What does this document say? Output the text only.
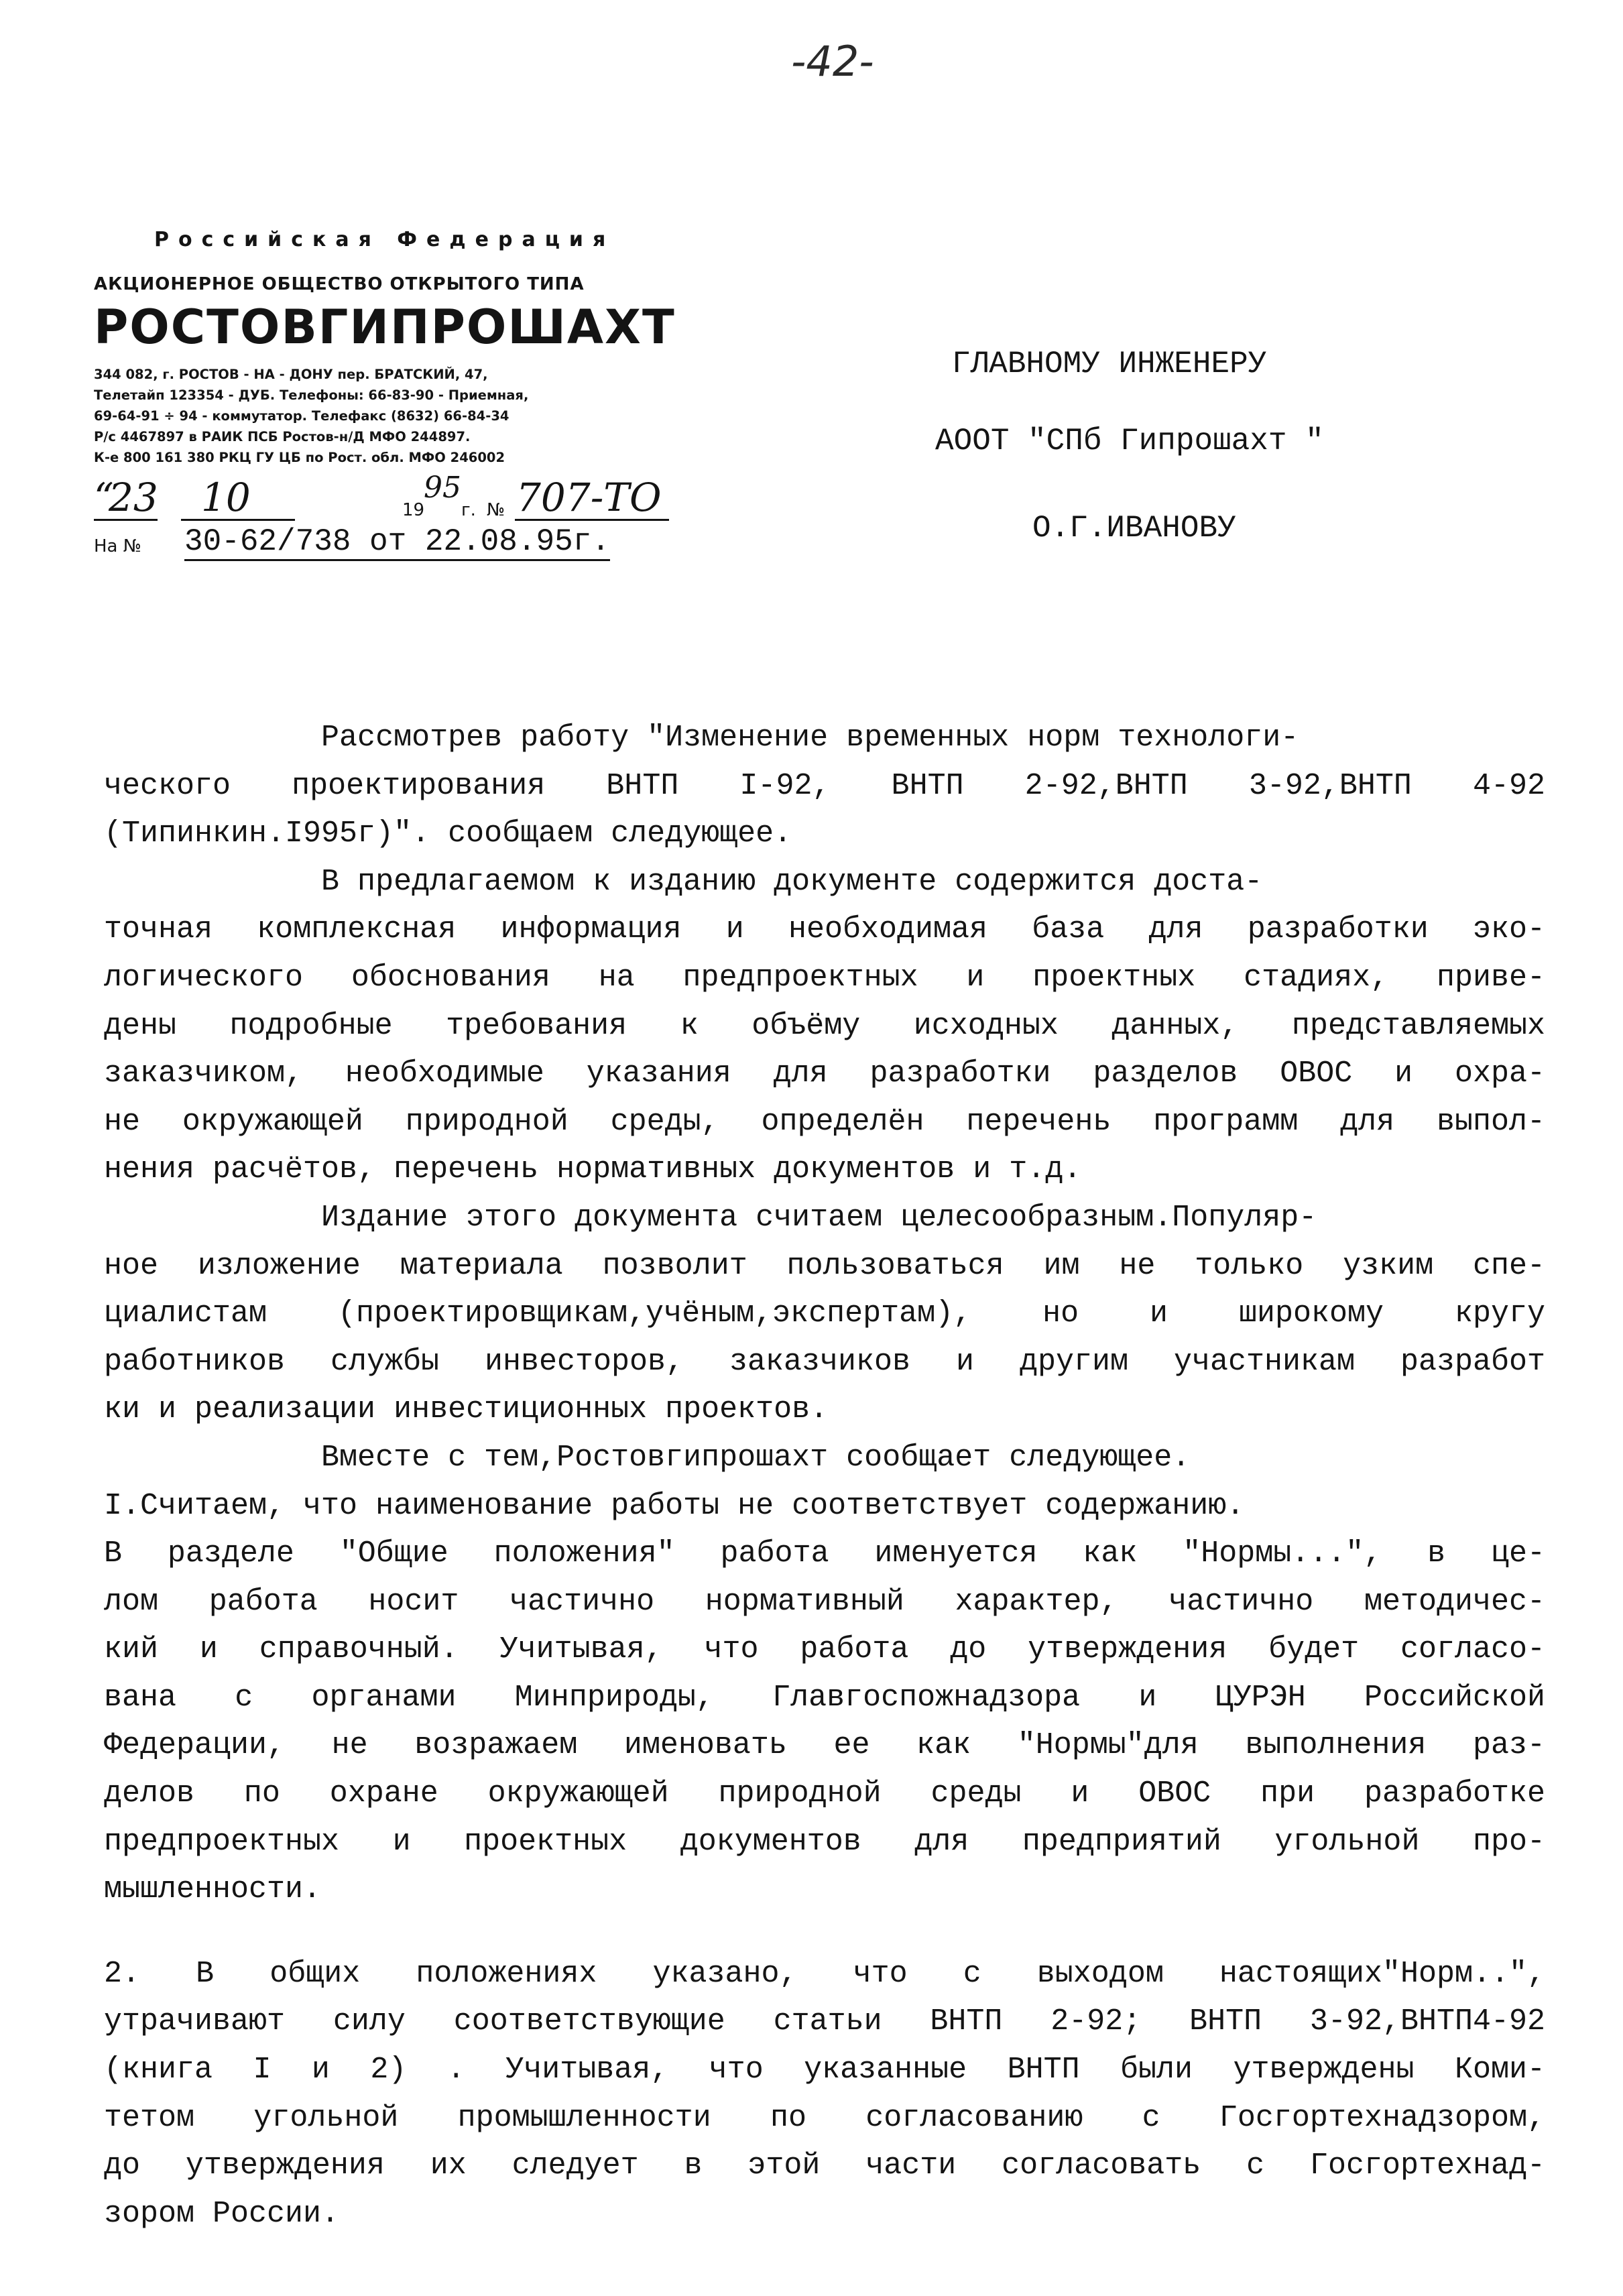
-42-
Российская Федерация
АКЦИОНЕРНОЕ ОБЩЕСТВО ОТКРЫТОГО ТИПА
РОСТОВГИПРОШАХТ
344 082, г. РОСТОВ - НА - ДОНУ пер. БРАТСКИЙ, 47,
Телетайп 123354 - ДУБ. Телефоны: 66-83-90 - Приемная,
69-64-91 ÷ 94 - коммутатор. Телефакс (8632) 66-84-34
Р/с 4467897 в РАИК ПСБ Ростов-н/Д МФО 244897.
К-е 800 161 380 РКЦ ГУ ЦБ по Рост. обл. МФО 246002
“
23 10	19
95
г. № 707-ТО
На № 30-62/738 от 22.08.95г.
ГЛАВНОМУ ИНЖЕНЕРУ
АООТ "СПб Гипрошахт "
О.Г.ИВАНОВУ
Рассмотрев работу "Изменение временных норм технологи-
ческого проектирования ВНТП I-92, ВНТП 2-92,ВНТП 3-92,ВНТП 4-92
(Типинкин.I995г)". сообщаем следующее.
В предлагаемом к изданию документе содержится доста-
точная комплексная информация и необходимая база для разработки эко-
логического обоснования на предпроектных и проектных стадиях, приве-
дены подробные требования к объёму исходных данных, представляемых
заказчиком, необходимые указания для разработки разделов ОВОС и охра-
не окружающей природной среды, определён перечень программ для выпол-
нения расчётов, перечень нормативных документов и т.д.
Издание этого документа считаем целесообразным.Популяр-
ное изложение материала позволит пользоваться им не только узким спе-
циалистам (проектировщикам,учёным,экспертам), но и широкому кругу
работников службы инвесторов, заказчиков и другим участникам разработ
ки и реализации инвестиционных проектов.
Вместе с тем,Ростовгипрошахт сообщает следующее.
I.Считаем, что наименование работы не соответствует содержанию.
В разделе "Общие положения" работа именуется как "Нормы...", в це-
лом работа носит частично нормативный характер, частично методичес-
кий и справочный. Учитывая, что работа до утверждения будет согласо-
вана с органами Минприроды, Главгоспожнадзора и ЦУРЭН Российской
Федерации, не возражаем именовать ее как "Нормы"для выполнения раз-
делов по охране окружающей природной среды и ОВОС при разработке
предпроектных и проектных документов для предприятий угольной про-
мышленности.
2. В общих положениях указано, что с выходом настоящих"Норм..",
утрачивают силу соответствующие статьи ВНТП 2-92; ВНТП 3-92,ВНТП4-92
(книга I и 2) . Учитывая, что указанные ВНТП были утверждены Коми-
тетом угольной промышленности по согласованию с Госгортехнадзором,
до утверждения их следует в этой части согласовать с Госгортехнад-
зором России.
